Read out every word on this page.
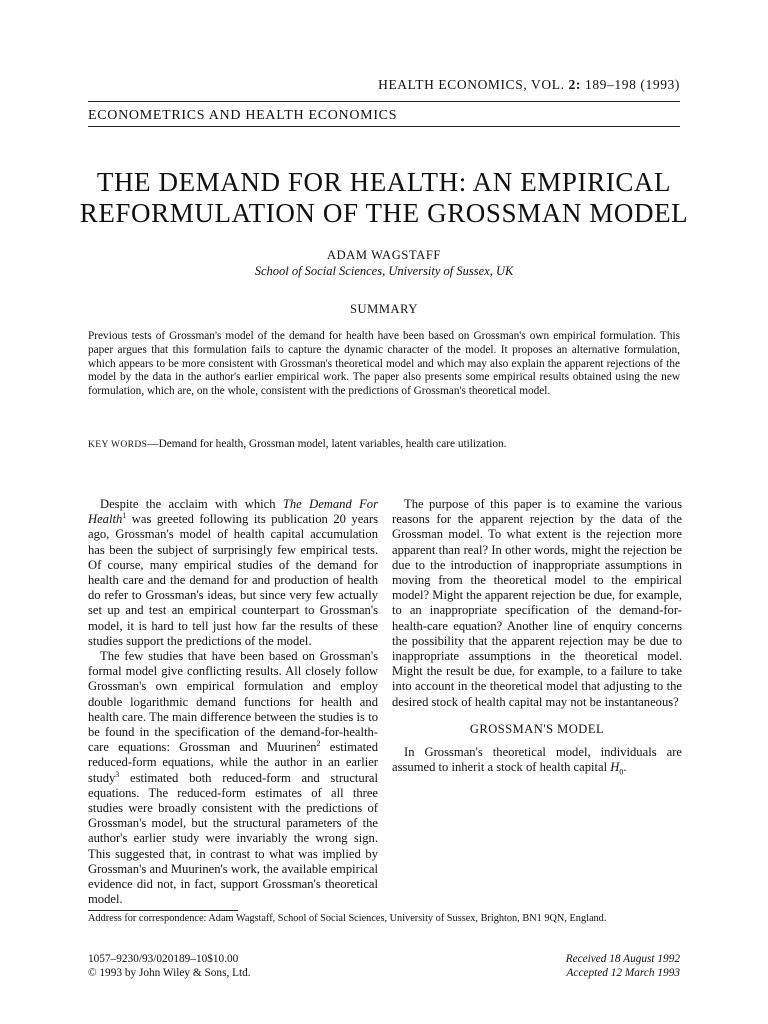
HEALTH ECONOMICS, VOL. 2: 189–198 (1993)
ECONOMETRICS AND HEALTH ECONOMICS
THE DEMAND FOR HEALTH: AN EMPIRICAL
REFORMULATION OF THE GROSSMAN MODEL
ADAM WAGSTAFF
School of Social Sciences, University of Sussex, UK
SUMMARY
Previous tests of Grossman's model of the demand for health have been based on Grossman's own empirical formulation. This paper argues that this formulation fails to capture the dynamic character of the model. It proposes an alternative formulation, which appears to be more consistent with Grossman's theoretical model and which may also explain the apparent rejections of the model by the data in the author's earlier empirical work. The paper also presents some empirical results obtained using the new formulation, which are, on the whole, consistent with the predictions of Grossman's theoretical model.
KEY WORDS—Demand for health, Grossman model, latent variables, health care utilization.

Despite the acclaim with which The Demand For Health$^1$ was greeted following its publication 20 years ago, Grossman's model of health capital accumulation has been the subject of surprisingly few empirical tests. Of course, many empirical studies of the demand for health care and the demand for and production of health do refer to Grossman's ideas, but since very few actually set up and test an empirical counterpart to Grossman's model, it is hard to tell just how far the results of these studies support the predictions of the model.

The few studies that have been based on Grossman's formal model give conflicting results. All closely follow Grossman's own empirical formulation and employ double logarithmic demand functions for health and health care. The main difference between the studies is to be found in the specification of the demand-for-health-care equations: Grossman and Muurinen$^2$ estimated reduced-form equations, while the author in an earlier study$^3$ estimated both reduced-form and structural equations. The reduced-form estimates of all three studies were broadly consistent with the predictions of Grossman's model, but the structural parameters of the author's earlier study were invariably the wrong sign. This suggested that, in contrast to what was implied by Grossman's and Muurinen's work, the available empirical evidence did not, in fact, support Grossman's theoretical model.

The purpose of this paper is to examine the various reasons for the apparent rejection by the data of the Grossman model. To what extent is the rejection more apparent than real? In other words, might the rejection be due to the introduction of inappropriate assumptions in moving from the theoretical model to the empirical model? Might the apparent rejection be due, for example, to an inappropriate specification of the demand-for-health-care equation? Another line of enquiry concerns the possibility that the apparent rejection may be due to inappropriate assumptions in the theoretical model. Might the result be due, for example, to a failure to take into account in the theoretical model that adjusting to the desired stock of health capital may not be instantaneous?

GROSSMAN'S MODEL

In Grossman's theoretical model, individuals are assumed to inherit a stock of health capital $H_0$.

Address for correspondence: Adam Wagstaff, School of Social Sciences, University of Sussex, Brighton, BN1 9QN, England.
1057–9230/93/020189–10$10.00
© 1993 by John Wiley & Sons, Ltd.
Received 18 August 1992
Accepted 12 March 1993
